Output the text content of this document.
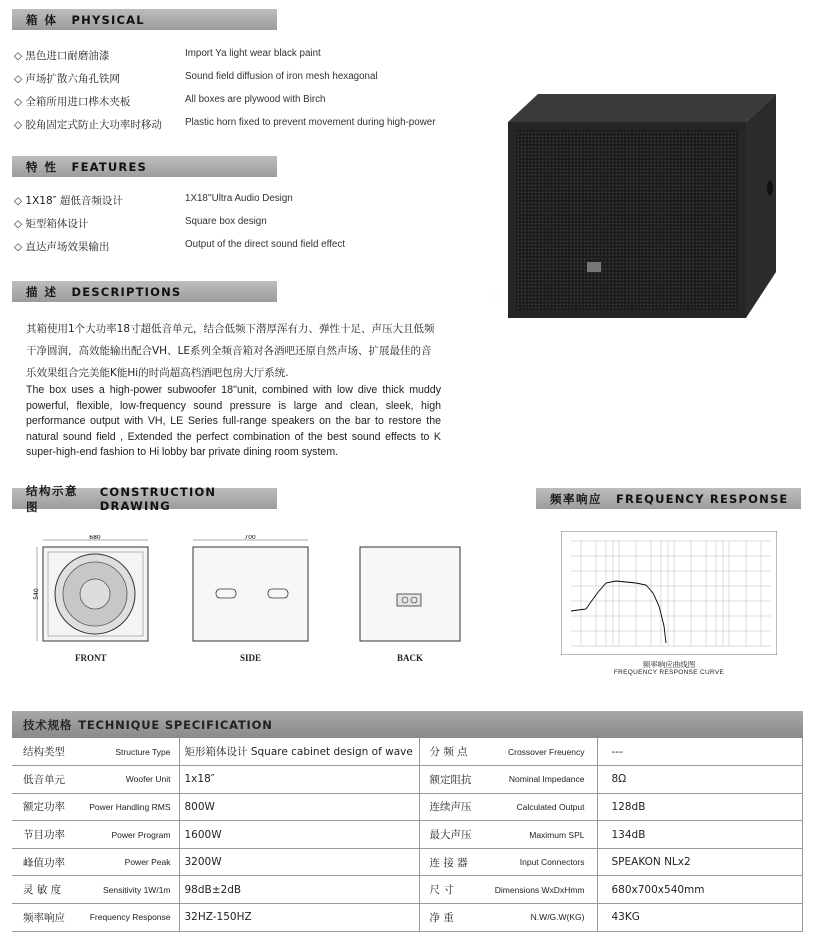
箱 体 PHYSICAL
◇ 黑色进口耐磨油漆	Import Ya light wear black paint
◇ 声场扩散六角孔铁网	Sound field diffusion of iron mesh hexagonal
◇ 全箱所用进口桦木夹板	All boxes are plywood with Birch
◇ 胶角固定式防止大功率时移动	Plastic horn fixed to prevent movement during high-power
特 性 FEATURES
◇ 1X18″ 超低音频设计	1X18''Ultra Audio Design
◇ 矩型箱体设计	Square box design
◇ 直达声场效果输出	Output of the direct sound field effect
描 述 DESCRIPTIONS
其箱使用1个大功率18寸超低音单元，结合低频下潜厚浑有力、弹性十足、声压大且低频干净圆润，高效能输出配合VH、LE系列全频音箱对各酒吧还原自然声场、扩展最佳的音乐效果组合完美能K能Hi的时尚超高档酒吧包房大厅系统.
The box uses a high-power subwoofer 18''unit, combined with low dive thick muddy powerful, flexible, low-frequency sound pressure is large and clean, sleek, high performance output with VH, LE Series full-range speakers on the bar to restore the natural sound field , Extended the perfect combination of the best sound effects to K super-high-end fashion to Hi lobby bar private dining room system.
结构示意图
CONSTRUCTION DRAWING
680
540
700
FRONT	SIDE	BACK
频率响应 FREQUENCY RESPONSE
频率响应曲线图
FREQUENCY RESPONSE CURVE
技术规格 TECHNIQUE SPECIFICATION
结构类型	Structure Type	矩形箱体设计 Square cabinet design of wave	分 频 点	Crossover Freuency	---
低音单元	Woofer Unit	1x18″	额定阻抗	Nominal Impedance	8Ω
额定功率	Power Handling RMS	800W	连续声压	Calculated Output	128dB
节目功率	Power Program	1600W	最大声压	Maximum SPL	134dB
峰值功率	Power Peak	3200W	连 接 器	Input Connectors	SPEAKON NLx2
灵 敏 度	Sensitivity 1W/1m	98dB±2dB	尺 寸	Dimensions WxDxHmm	680x700x540mm
频率响应	Frequency Response	32HZ-150HZ	净 重	N.W/G.W(KG)	43KG
